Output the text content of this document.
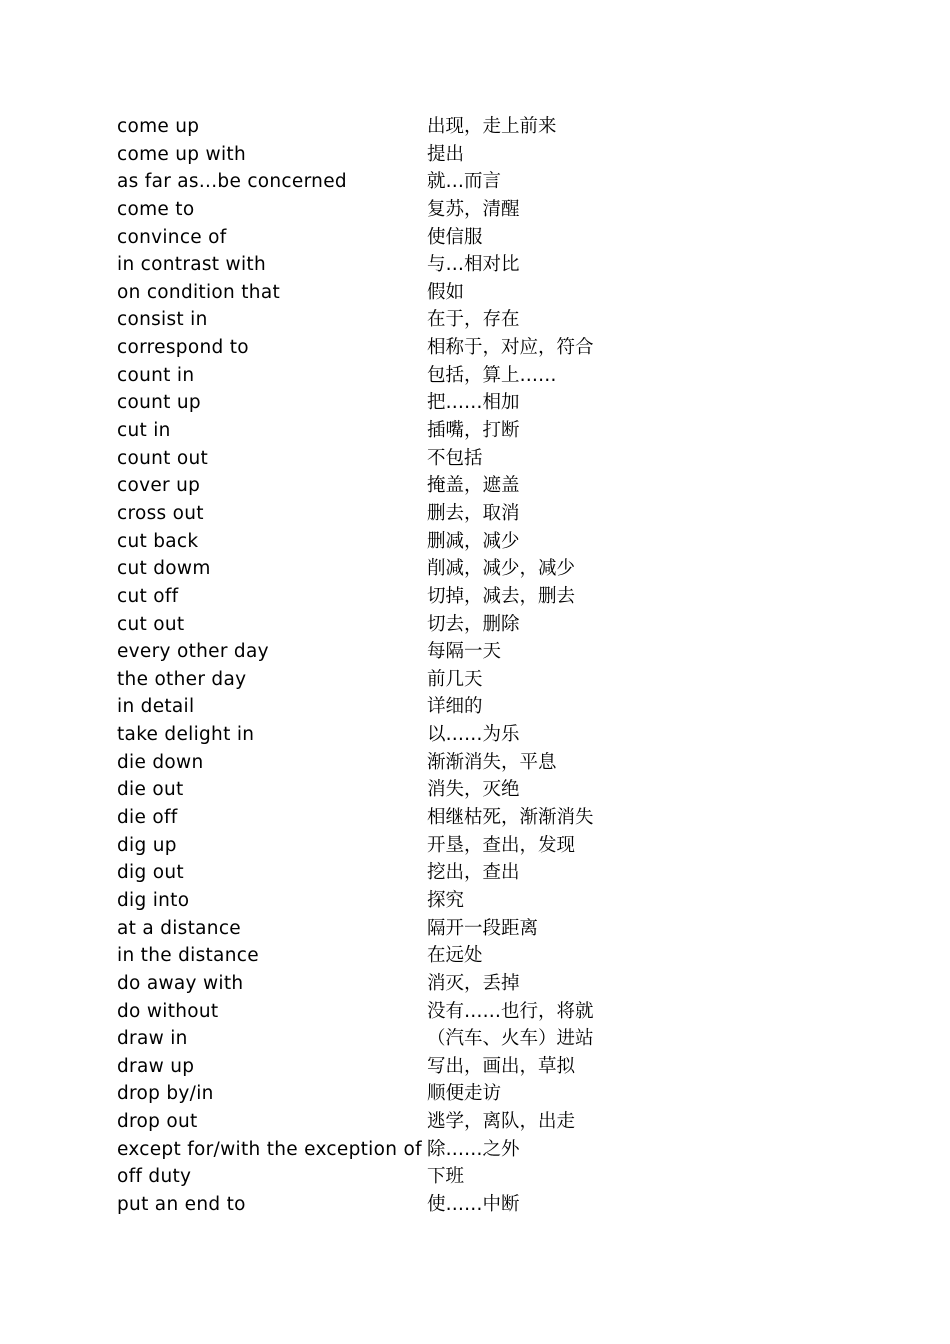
come up	出现，走上前来
come up with	提出
as far as...be concerned	就…而言
come to	复苏，清醒
convince of	使信服
in contrast with	与…相对比
on condition that	假如
consist in	在于，存在
correspond to	相称于，对应，符合
count in	包括，算上……
count up	把……相加
cut in	插嘴，打断
count out	不包括
cover up	掩盖，遮盖
cross out	删去，取消
cut back	删减，减少
cut dowm	削减，减少，减少
cut off	切掉，减去，删去
cut out	切去，删除
every other day	每隔一天
the other day	前几天
in detail	详细的
take delight in	以……为乐
die down	渐渐消失，平息
die out	消失，灭绝
die off	相继枯死，渐渐消失
dig up	开垦，查出，发现
dig out	挖出，查出
dig into	探究
at a distance	隔开一段距离
in the distance	在远处
do away with	消灭，丢掉
do without	没有……也行，将就
draw in	（汽车、火车）进站
draw up	写出，画出，草拟
drop by/in	顺便走访
drop out	逃学，离队，出走
except for/with the exception of 除……之外
off duty	下班
put an end to	使……中断
